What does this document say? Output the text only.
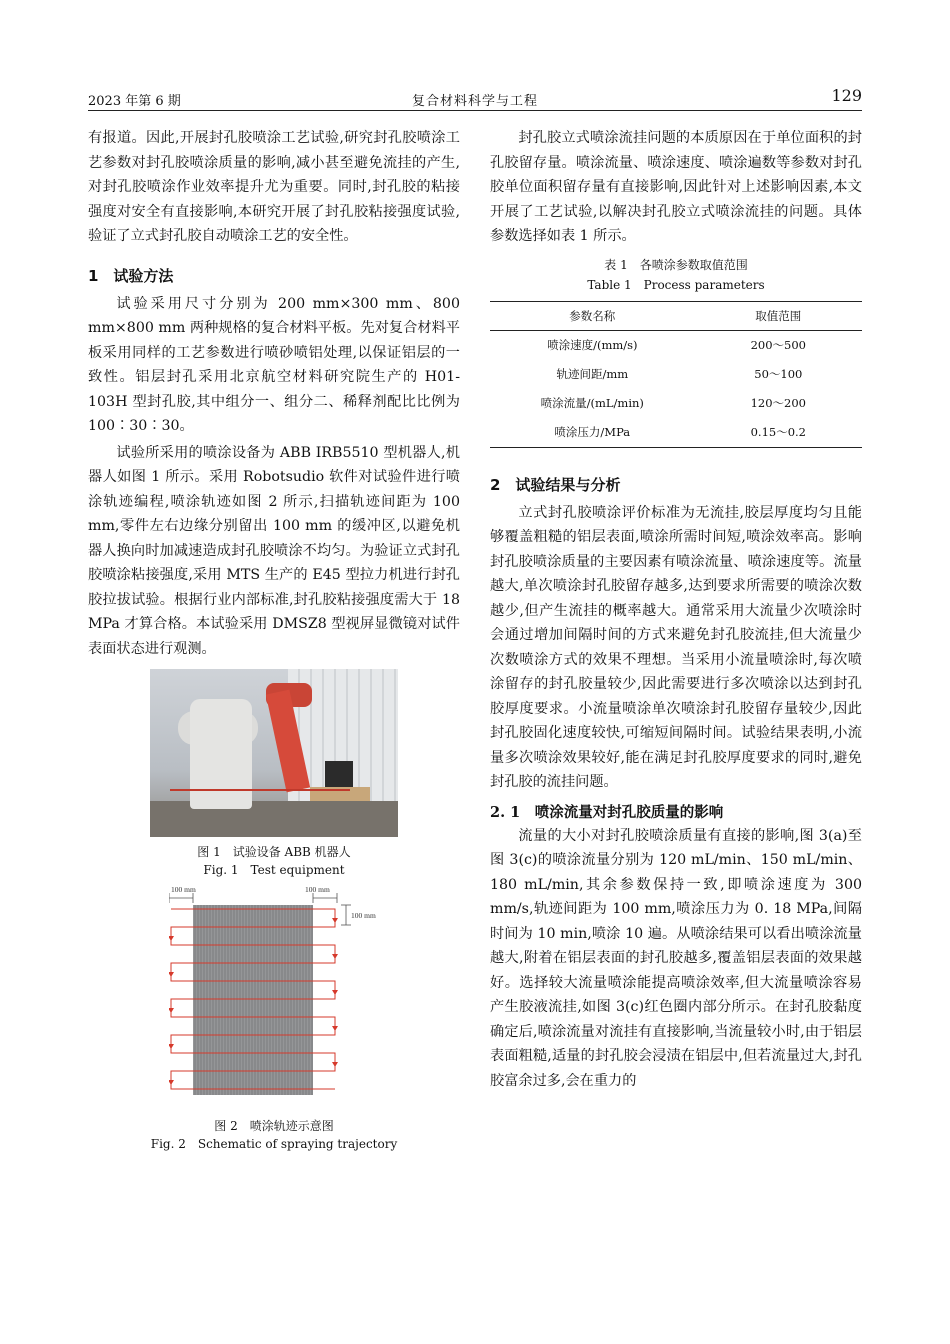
2023 年第 6 期	复合材料科学与工程	129

有报道。因此,开展封孔胶喷涂工艺试验,研究封孔胶喷涂工艺参数对封孔胶喷涂质量的影响,减小甚至避免流挂的产生,对封孔胶喷涂作业效率提升尤为重要。同时,封孔胶的粘接强度对安全有直接影响,本研究开展了封孔胶粘接强度试验,验证了立式封孔胶自动喷涂工艺的安全性。

1　试验方法

试验采用尺寸分别为 200 mm×300 mm、800 mm×800 mm 两种规格的复合材料平板。先对复合材料平板采用同样的工艺参数进行喷砂喷铝处理,以保证铝层的一致性。铝层封孔采用北京航空材料研究院生产的 H01-103H 型封孔胶,其中组分一、组分二、稀释剂配比比例为 100∶30∶30。

试验所采用的喷涂设备为 ABB IRB5510 型机器人,机器人如图 1 所示。采用 Robotsudio 软件对试验件进行喷涂轨迹编程,喷涂轨迹如图 2 所示,扫描轨迹间距为 100 mm,零件左右边缘分别留出 100 mm 的缓冲区,以避免机器人换向时加减速造成封孔胶喷涂不均匀。为验证立式封孔胶喷涂粘接强度,采用 MTS 生产的 E45 型拉力机进行封孔胶拉拔试验。根据行业内部标准,封孔胶粘接强度需大于 18 MPa 才算合格。本试验采用 DMSZ8 型视屏显微镜对试件表面状态进行观测。

图 1　试验设备 ABB 机器人
Fig. 1　Test equipment
100 mm	100 mm
100 mm
图 2　喷涂轨迹示意图
Fig. 2　Schematic of spraying trajectory

封孔胶立式喷涂流挂问题的本质原因在于单位面积的封孔胶留存量。喷涂流量、喷涂速度、喷涂遍数等参数对封孔胶单位面积留存量有直接影响,因此针对上述影响因素,本文开展了工艺试验,以解决封孔胶立式喷涂流挂的问题。具体参数选择如表 1 所示。

表 1　各喷涂参数取值范围
Table 1　Process parameters
参数名称	取值范围
喷涂速度/(mm/s)	200～500
轨迹间距/mm	50～100
喷涂流量/(mL/min)	120～200
喷涂压力/MPa	0.15～0.2
2　试验结果与分析

立式封孔胶喷涂评价标准为无流挂,胶层厚度均匀且能够覆盖粗糙的铝层表面,喷涂所需时间短,喷涂效率高。影响封孔胶喷涂质量的主要因素有喷涂流量、喷涂速度等。流量越大,单次喷涂封孔胶留存越多,达到要求所需要的喷涂次数越少,但产生流挂的概率越大。通常采用大流量少次喷涂时会通过增加间隔时间的方式来避免封孔胶流挂,但大流量少次数喷涂方式的效果不理想。当采用小流量喷涂时,每次喷涂留存的封孔胶量较少,因此需要进行多次喷涂以达到封孔胶厚度要求。小流量喷涂单次喷涂封孔胶留存量较少,因此封孔胶固化速度较快,可缩短间隔时间。试验结果表明,小流量多次喷涂效果较好,能在满足封孔胶厚度要求的同时,避免封孔胶的流挂问题。

2. 1　喷涂流量对封孔胶质量的影响

流量的大小对封孔胶喷涂质量有直接的影响,图 3(a)至图 3(c)的喷涂流量分别为 120 mL/min、150 mL/min、180 mL/min,其余参数保持一致,即喷涂速度为 300 mm/s,轨迹间距为 100 mm,喷涂压力为 0. 18 MPa,间隔时间为 10 min,喷涂 10 遍。从喷涂结果可以看出喷涂流量越大,附着在铝层表面的封孔胶越多,覆盖铝层表面的效果越好。选择较大流量喷涂能提高喷涂效率,但大流量喷涂容易产生胶液流挂,如图 3(c)红色圈内部分所示。在封孔胶黏度确定后,喷涂流量对流挂有直接影响,当流量较小时,由于铝层表面粗糙,适量的封孔胶会浸渍在铝层中,但若流量过大,封孔胶富余过多,会在重力的
